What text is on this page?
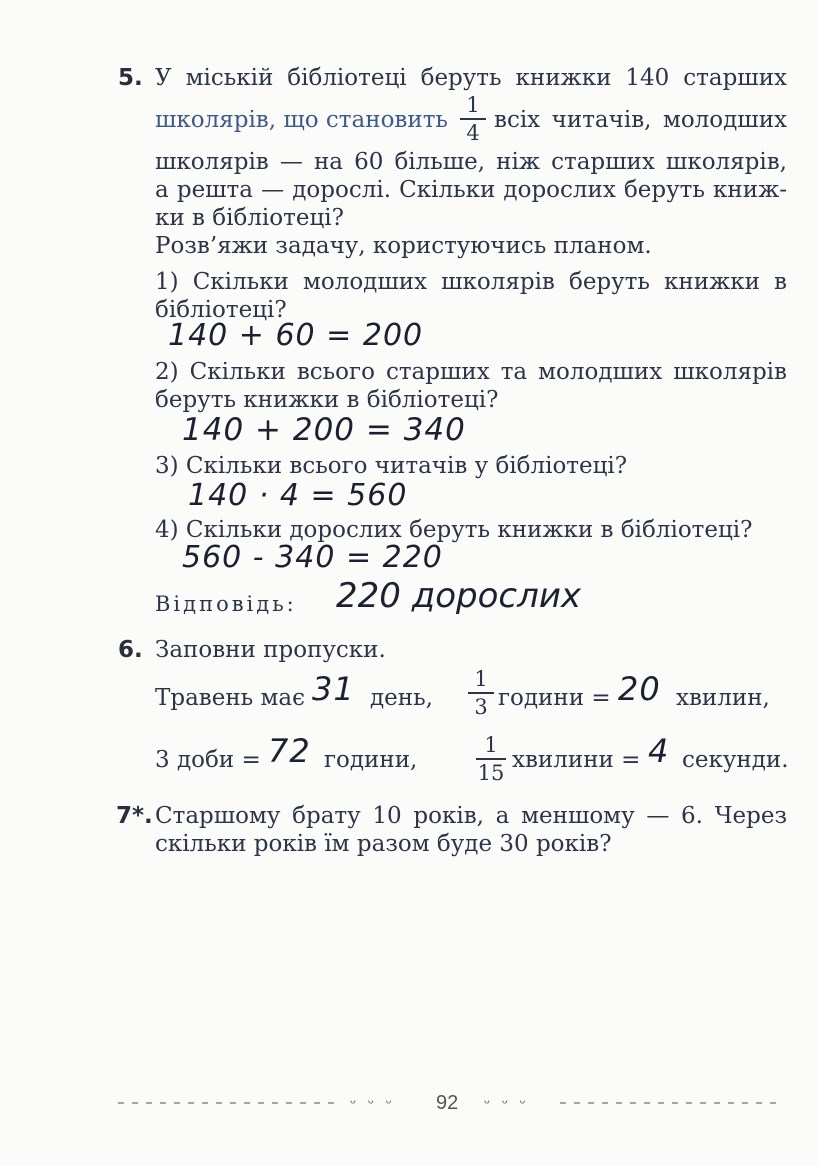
5. У міській бібліотеці беруть книжки 140 старших
школярів, що становить
1
4 всіх читачів, молодших
школярів — на 60 більше, ніж старших школярів,
а решта — дорослі. Скільки дорослих беруть книж-
ки в бібліотеці?
Розв’яжи задачу, користуючись планом.
1) Скільки молодших школярів беруть книжки в
бібліотеці?
140 + 60 = 200
2) Скільки всього старших та молодших школярів
беруть книжки в бібліотеці?
140 + 200 = 340
3) Скільки всього читачів у бібліотеці?
140 · 4 = 560
4) Скільки дорослих беруть книжки в бібліотеці?
560 - 340 = 220
Відповідь:	220 дорослих
6. Заповни пропуски.
Травень має 31 день,
1
3 години = 20 хвилин,
3 доби = 72 години,
1
15 хвилини = 4 секунди.
7*. Старшому брату 10 років, а меншому — 6. Через
скільки років їм разом буде 30 років?
ᵕ ᵕ ᵕ 92 ᵕ ᵕ ᵕ
